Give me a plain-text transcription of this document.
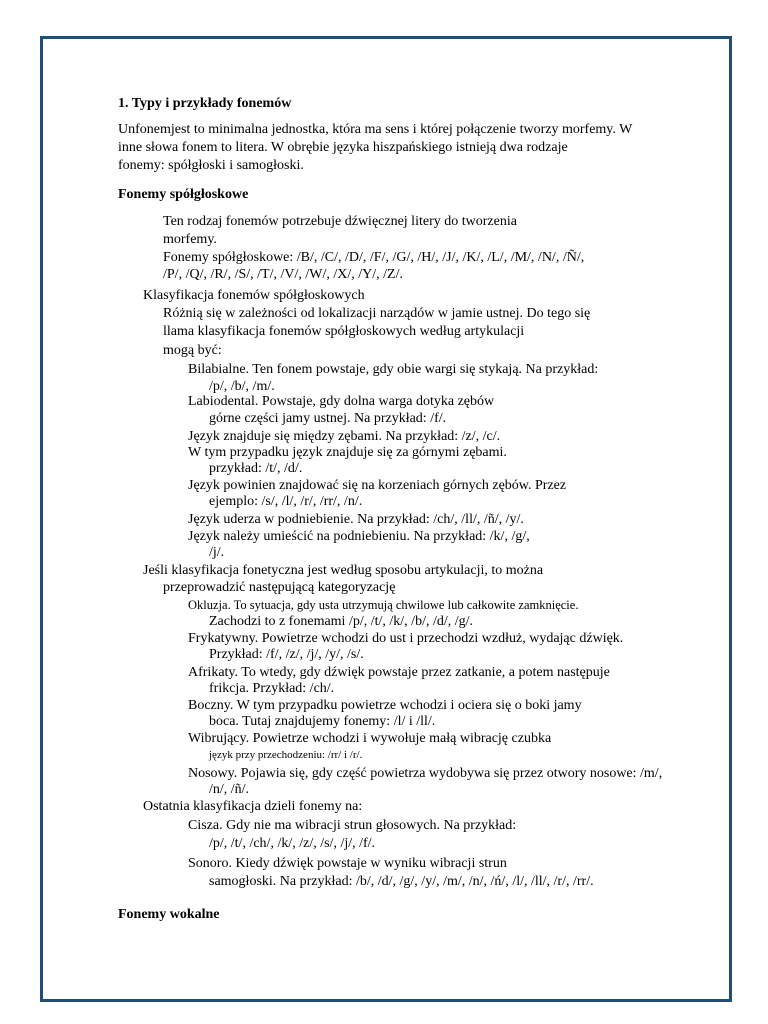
1. Typy i przykłady fonemów
Unfonemjest to minimalna jednostka, która ma sens i której połączenie tworzy morfemy. W
inne słowa fonem to litera. W obrębie języka hiszpańskiego istnieją dwa rodzaje
fonemy: spółgłoski i samogłoski.
Fonemy spółgłoskowe
Ten rodzaj fonemów potrzebuje dźwięcznej litery do tworzenia
morfemy.
Fonemy spółgłoskowe: /B/, /C/, /D/, /F/, /G/, /H/, /J/, /K/, /L/, /M/, /N/, /Ñ/,
/P/, /Q/, /R/, /S/, /T/, /V/, /W/, /X/, /Y/, /Z/.
Klasyfikacja fonemów spółgłoskowych
Różnią się w zależności od lokalizacji narządów w jamie ustnej. Do tego się
llama klasyfikacja fonemów spółgłoskowych według artykulacji
mogą być:
Bilabialne. Ten fonem powstaje, gdy obie wargi się stykają. Na przykład:
/p/, /b/, /m/.
Labiodental. Powstaje, gdy dolna warga dotyka zębów
górne części jamy ustnej. Na przykład: /f/.
Język znajduje się między zębami. Na przykład: /z/, /c/.
W tym przypadku język znajduje się za górnymi zębami.
przykład: /t/, /d/.
Język powinien znajdować się na korzeniach górnych zębów. Przez
ejemplo: /s/, /l/, /r/, /rr/, /n/.
Język uderza w podniebienie. Na przykład: /ch/, /ll/, /ñ/, /y/.
Język należy umieścić na podniebieniu. Na przykład: /k/, /g/,
/j/.
Jeśli klasyfikacja fonetyczna jest według sposobu artykulacji, to można
przeprowadzić następującą kategoryzację
Okluzja. To sytuacja, gdy usta utrzymują chwilowe lub całkowite zamknięcie.
Zachodzi to z fonemami /p/, /t/, /k/, /b/, /d/, /g/.
Frykatywny. Powietrze wchodzi do ust i przechodzi wzdłuż, wydając dźwięk.
Przykład: /f/, /z/, /j/, /y/, /s/.
Afrikaty. To wtedy, gdy dźwięk powstaje przez zatkanie, a potem następuje
frikcja. Przykład: /ch/.
Boczny. W tym przypadku powietrze wchodzi i ociera się o boki jamy
boca. Tutaj znajdujemy fonemy: /l/ i /ll/.
Wibrujący. Powietrze wchodzi i wywołuje małą wibrację czubka
język przy przechodzeniu: /rr/ i /r/.
Nosowy. Pojawia się, gdy część powietrza wydobywa się przez otwory nosowe: /m/,
/n/, /ñ/.
Ostatnia klasyfikacja dzieli fonemy na:
Cisza. Gdy nie ma wibracji strun głosowych. Na przykład:
/p/, /t/, /ch/, /k/, /z/, /s/, /j/, /f/.
Sonoro. Kiedy dźwięk powstaje w wyniku wibracji strun
samogłoski. Na przykład: /b/, /d/, /g/, /y/, /m/, /n/, /ń/, /l/, /ll/, /r/, /rr/.
Fonemy wokalne
